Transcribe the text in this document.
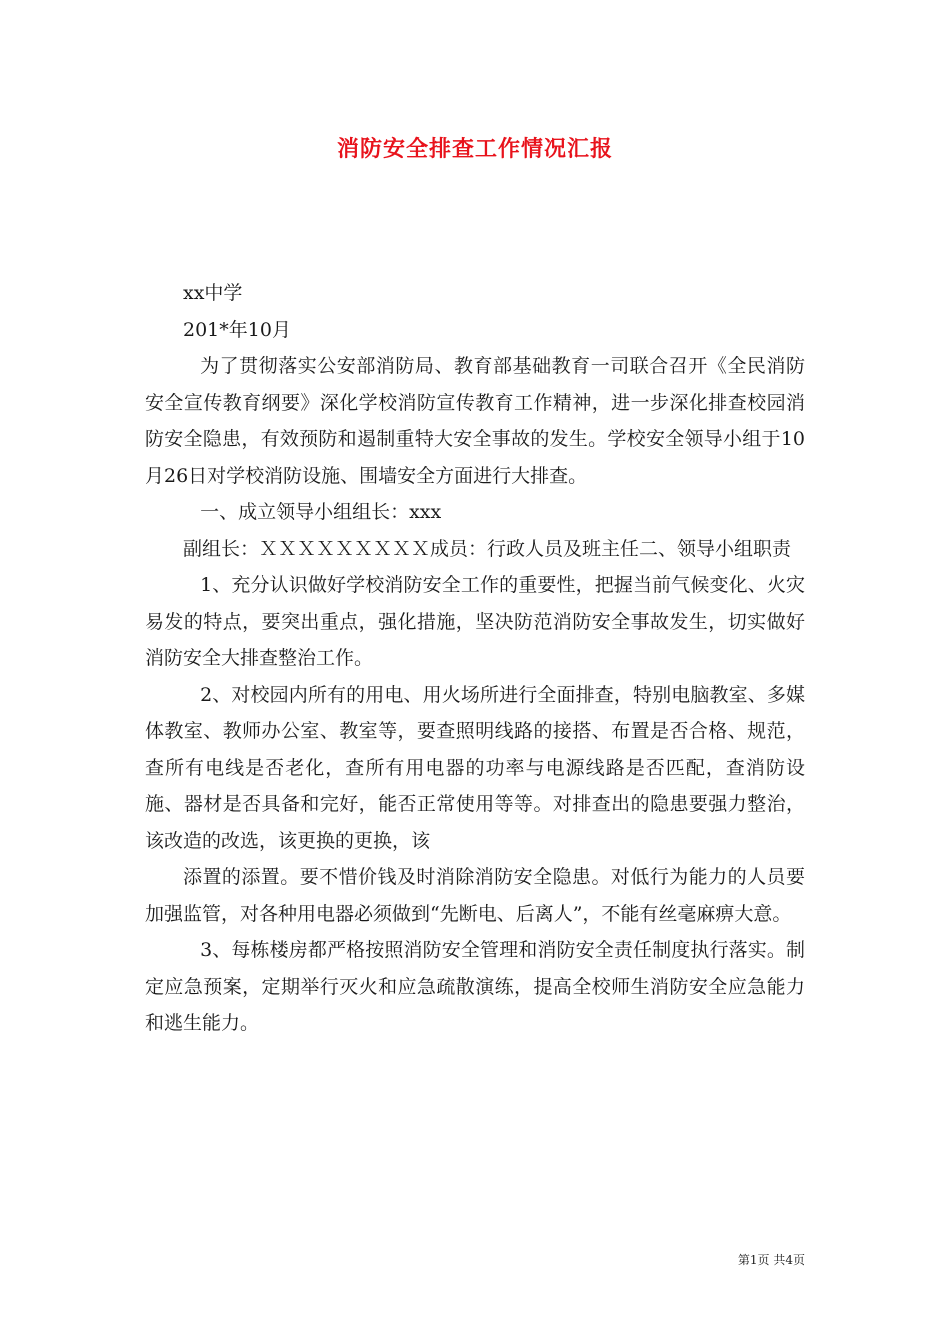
消防安全排查工作情况汇报

xx中学

201*年10月

为了贯彻落实公安部消防局、教育部基础教育一司联合召开《全民消防安全宣传教育纲要》深化学校消防宣传教育工作精神，进一步深化排查校园消防安全隐患，有效预防和遏制重特大安全事故的发生。学校安全领导小组于10月26日对学校消防设施、围墙安全方面进行大排查。

一、成立领导小组组长：xxx

副组长：ＸＸＸＸＸＸＸＸＸ成员：行政人员及班主任二、领导小组职责

1、充分认识做好学校消防安全工作的重要性，把握当前气候变化、火灾易发的特点，要突出重点，强化措施，坚决防范消防安全事故发生，切实做好消防安全大排查整治工作。

2、对校园内所有的用电、用火场所进行全面排查，特别电脑教室、多媒体教室、教师办公室、教室等，要查照明线路的接搭、布置是否合格、规范，查所有电线是否老化，查所有用电器的功率与电源线路是否匹配，查消防设施、器材是否具备和完好，能否正常使用等等。对排查出的隐患要强力整治，该改造的改选，该更换的更换，该

添置的添置。要不惜价钱及时消除消防安全隐患。对低行为能力的人员要加强监管，对各种用电器必须做到“先断电、后离人”，不能有丝毫麻痹大意。

3、每栋楼房都严格按照消防安全管理和消防安全责任制度执行落实。制定应急预案，定期举行灭火和应急疏散演练，提高全校师生消防安全应急能力和逃生能力。

第1页 共4页
